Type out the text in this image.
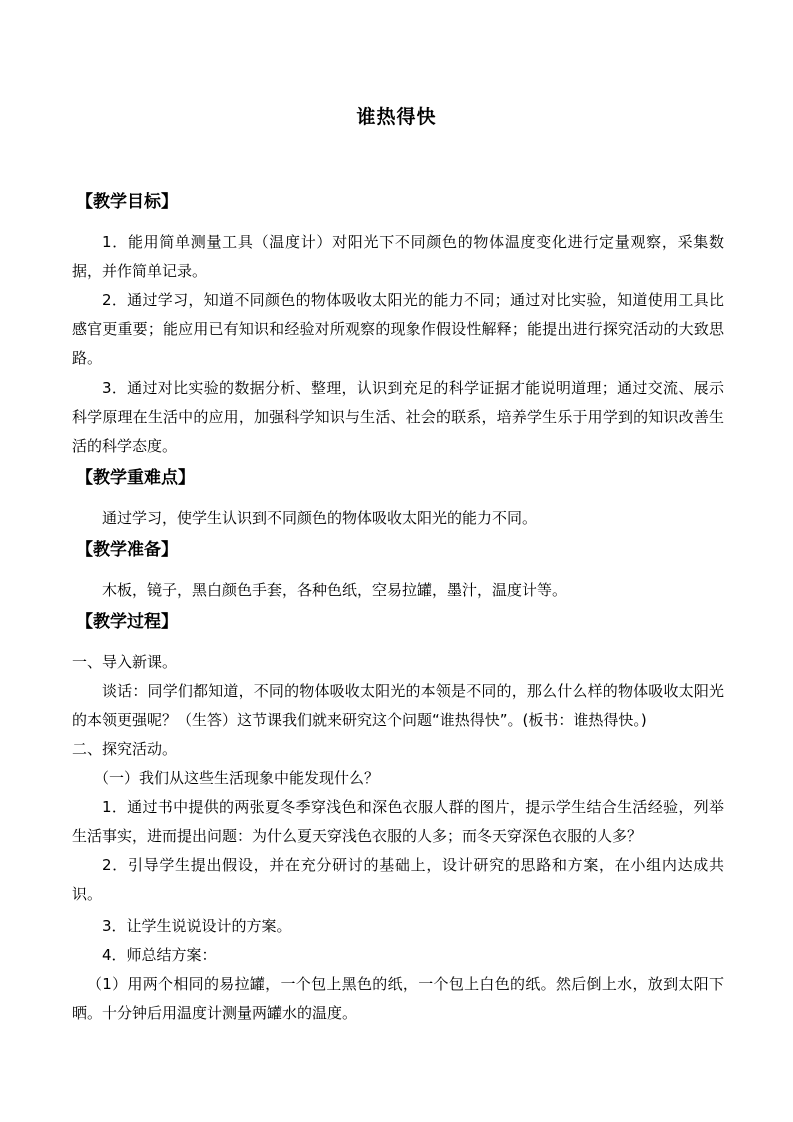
谁热得快
【教学目标】
1．能用简单测量工具（温度计）对阳光下不同颜色的物体温度变化进行定量观察，采集数据，并作简单记录。
2．通过学习，知道不同颜色的物体吸收太阳光的能力不同；通过对比实验，知道使用工具比感官更重要；能应用已有知识和经验对所观察的现象作假设性解释；能提出进行探究活动的大致思路。
3．通过对比实验的数据分析、整理，认识到充足的科学证据才能说明道理；通过交流、展示科学原理在生活中的应用，加强科学知识与生活、社会的联系，培养学生乐于用学到的知识改善生活的科学态度。
【教学重难点】
通过学习，使学生认识到不同颜色的物体吸收太阳光的能力不同。
【教学准备】
木板，镜子，黑白颜色手套，各种色纸，空易拉罐，墨汁，温度计等。
【教学过程】
一、导入新课。
谈话：同学们都知道，不同的物体吸收太阳光的本领是不同的，那么什么样的物体吸收太阳光的本领更强呢？（生答）这节课我们就来研究这个问题“谁热得快”。(板书：谁热得快。)
二、探究活动。
（一）我们从这些生活现象中能发现什么？
1．通过书中提供的两张夏冬季穿浅色和深色衣服人群的图片，提示学生结合生活经验，列举生活事实，进而提出问题：为什么夏天穿浅色衣服的人多；而冬天穿深色衣服的人多？
2．引导学生提出假设，并在充分研讨的基础上，设计研究的思路和方案，在小组内达成共识。
3．让学生说说设计的方案。
4．师总结方案：
（1）用两个相同的易拉罐，一个包上黑色的纸，一个包上白色的纸。然后倒上水，放到太阳下晒。十分钟后用温度计测量两罐水的温度。
